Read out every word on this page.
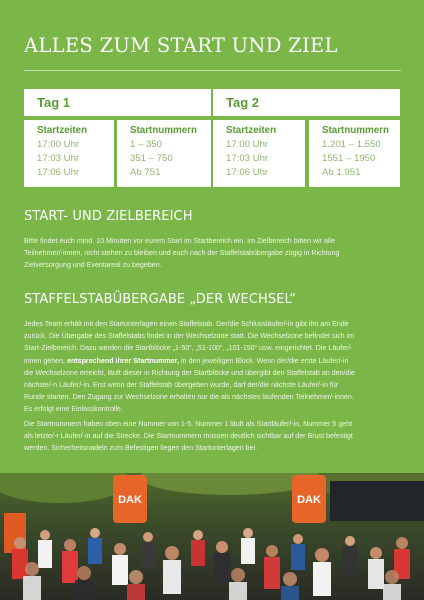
ALLES ZUM START UND ZIEL
Tag 1
Startzeiten
17:00 Uhr
17:03 Uhr
17:06 Uhr
Startnummern
1 – 350
351 – 750
Ab 751
Tag 2
Startzeiten
17:00 Uhr
17:03 Uhr
17:06 Uhr
Startnummern
1.201 – 1.550
1551 – 1950
Ab 1.951
START- UND ZIELBEREICH
Bitte findet euch mind. 10 Minuten vor eurem Start im Startbereich ein. Im Zielbereich bitten wir alle
Teilnehmer/-innen, nicht stehen zu bleiben und euch nach der Staffelstabübergabe zügig in Richtung
Zielversorgung und Eventareal zu begeben.
STAFFELSTABÜBERGABE „DER WECHSEL“
Jedes Team erhält mit den Startunterlagen einen Staffelstab. Der/die Schlussläufer/-in gibt ihn am Ende
zurück. Die Übergabe des Staffelstabs findet in der Wechselzone statt. Die Wechselzone befindet sich im
Start-Zielbereich. Dazu werden die Startblöcke „1-50“, „51-100“, „101-150“ usw. eingerichtet. Die Läufer/-
innen gehen, entsprechend ihrer Startnummer, in den jeweiligen Block. Wenn der/die erste Läufer/-in
die Wechselzone erreicht, läuft dieser in Richtung der Startblöcke und übergibt den Staffelstab an den/die
nächste/-n Läufer/-in. Erst wenn der Staffelstab übergeben wurde, darf der/die nächste Läufer/-in für
Runde starten. Den Zugang zur Wechselzone erhalten nur die als nächstes laufenden Teilnehmer/-innen.
Es erfolgt eine Einlasskontrolle.
Die Startnummern haben oben eine Nummer von 1-5. Nummer 1 läuft als Startläufer/-in, Nummer 5 geht
als letzte/-r Läufer/-in auf die Strecke. Die Startnummern müssen deutlich sichtbar auf der Brust befestigt
werden. Sicherheitsnadeln zum Befestigen liegen den Startunterlagen bei.
DAK	DAK
